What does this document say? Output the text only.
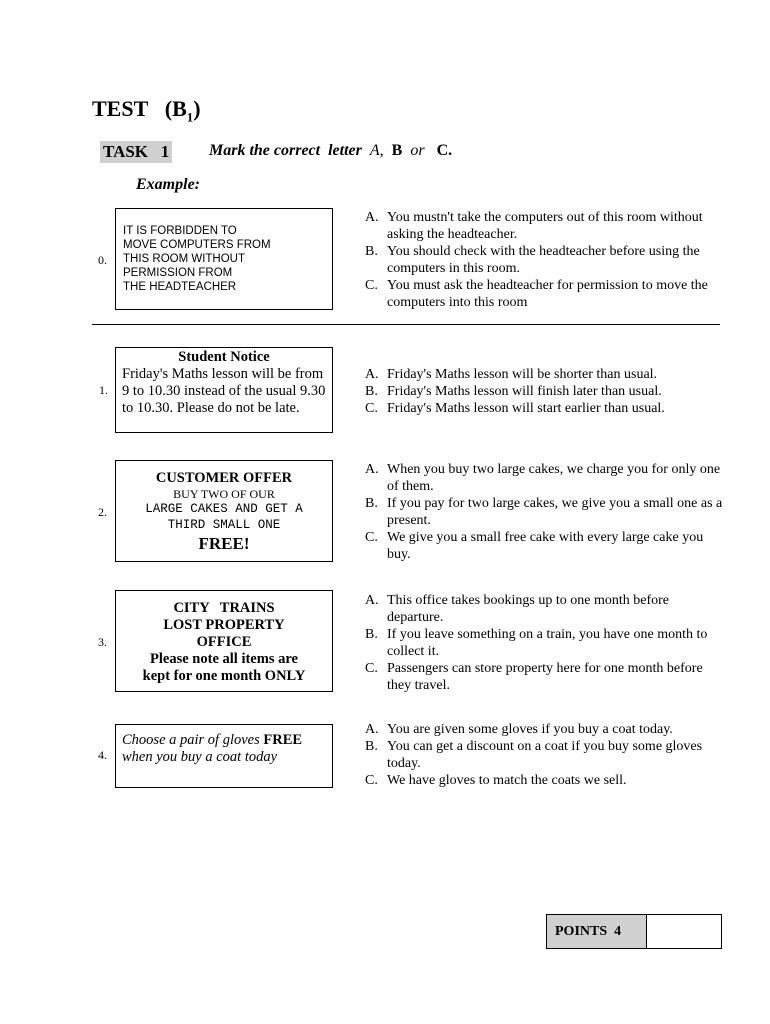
TEST $(B_1)$
TASK   1 Mark the correct  letter A, B or C.
Example:
0.
IT IS FORBIDDEN TO
MOVE COMPUTERS FROM
THIS ROOM WITHOUT
PERMISSION FROM
THE HEADTEACHER
A. You mustn't take the computers out of this room without asking the headteacher.
B. You should check with the headteacher before using the computers in this room.
C. You must ask the headteacher for permission to move the computers into this room
1.
Student Notice
Friday's Maths lesson will be from 9 to 10.30 instead of the usual 9.30 to 10.30. Please do not be late.
A. Friday's Maths lesson will be shorter than usual.
B. Friday's Maths lesson will finish later than usual.
C. Friday's Maths lesson will start earlier than usual.
2.
CUSTOMER OFFER
BUY TWO OF OUR
LARGE CAKES AND GET A
THIRD SMALL ONE
FREE!
A. When you buy two large cakes, we charge you for only one of them.
B. If you pay for two large cakes, we give you a small one as a present.
C. We give you a small free cake with every large cake you buy.
3.
CITY   TRAINS
LOST PROPERTY
OFFICE
Please note all items are
kept for one month ONLY
A. This office takes bookings up to one month before departure.
B. If you leave something on a train, you have one month to collect it.
C. Passengers can store property here for one month before they travel.
4.
Choose a pair of gloves FREE
when you buy a coat today
A. You are given some gloves if you buy a coat today.
B. You can get a discount on a coat if you buy some gloves today.
C. We have gloves to match the coats we sell.
POINTS  4
